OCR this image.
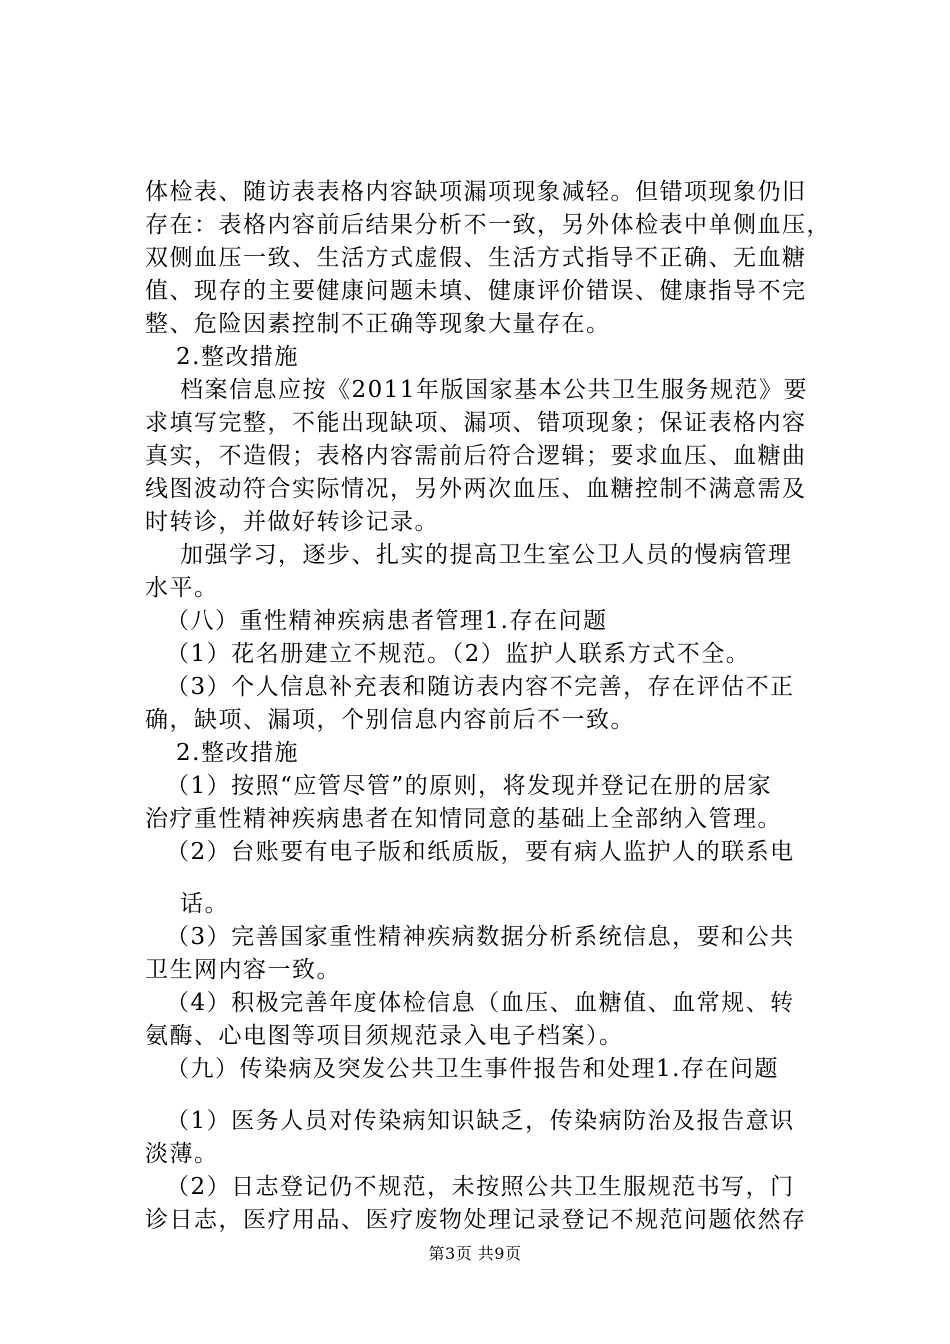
体检表、随访表表格内容缺项漏项现象减轻。但错项现象仍旧
存在：表格内容前后结果分析不一致，另外体检表中单侧血压，
双侧血压一致、生活方式虚假、生活方式指导不正确、无血糖
值、现存的主要健康问题未填、健康评价错误、健康指导不完
整、危险因素控制不正确等现象大量存在。
2.整改措施
档案信息应按《2011年版国家基本公共卫生服务规范》要
求填写完整，不能出现缺项、漏项、错项现象；保证表格内容
真实，不造假；表格内容需前后符合逻辑；要求血压、血糖曲
线图波动符合实际情况，另外两次血压、血糖控制不满意需及
时转诊，并做好转诊记录。
加强学习，逐步、扎实的提高卫生室公卫人员的慢病管理
水平。
（八）重性精神疾病患者管理1.存在问题
（1）花名册建立不规范。（2）监护人联系方式不全。
（3）个人信息补充表和随访表内容不完善，存在评估不正
确，缺项、漏项，个别信息内容前后不一致。
2.整改措施
（1）按照“应管尽管”的原则，将发现并登记在册的居家
治疗重性精神疾病患者在知情同意的基础上全部纳入管理。
（2）台账要有电子版和纸质版，要有病人监护人的联系电
话。
（3）完善国家重性精神疾病数据分析系统信息，要和公共
卫生网内容一致。
（4）积极完善年度体检信息（血压、血糖值、血常规、转
氨酶、心电图等项目须规范录入电子档案）。
（九）传染病及突发公共卫生事件报告和处理1.存在问题
（1）医务人员对传染病知识缺乏，传染病防治及报告意识
淡薄。
（2）日志登记仍不规范，未按照公共卫生服规范书写，门
诊日志，医疗用品、医疗废物处理记录登记不规范问题依然存
第3页 共9页
